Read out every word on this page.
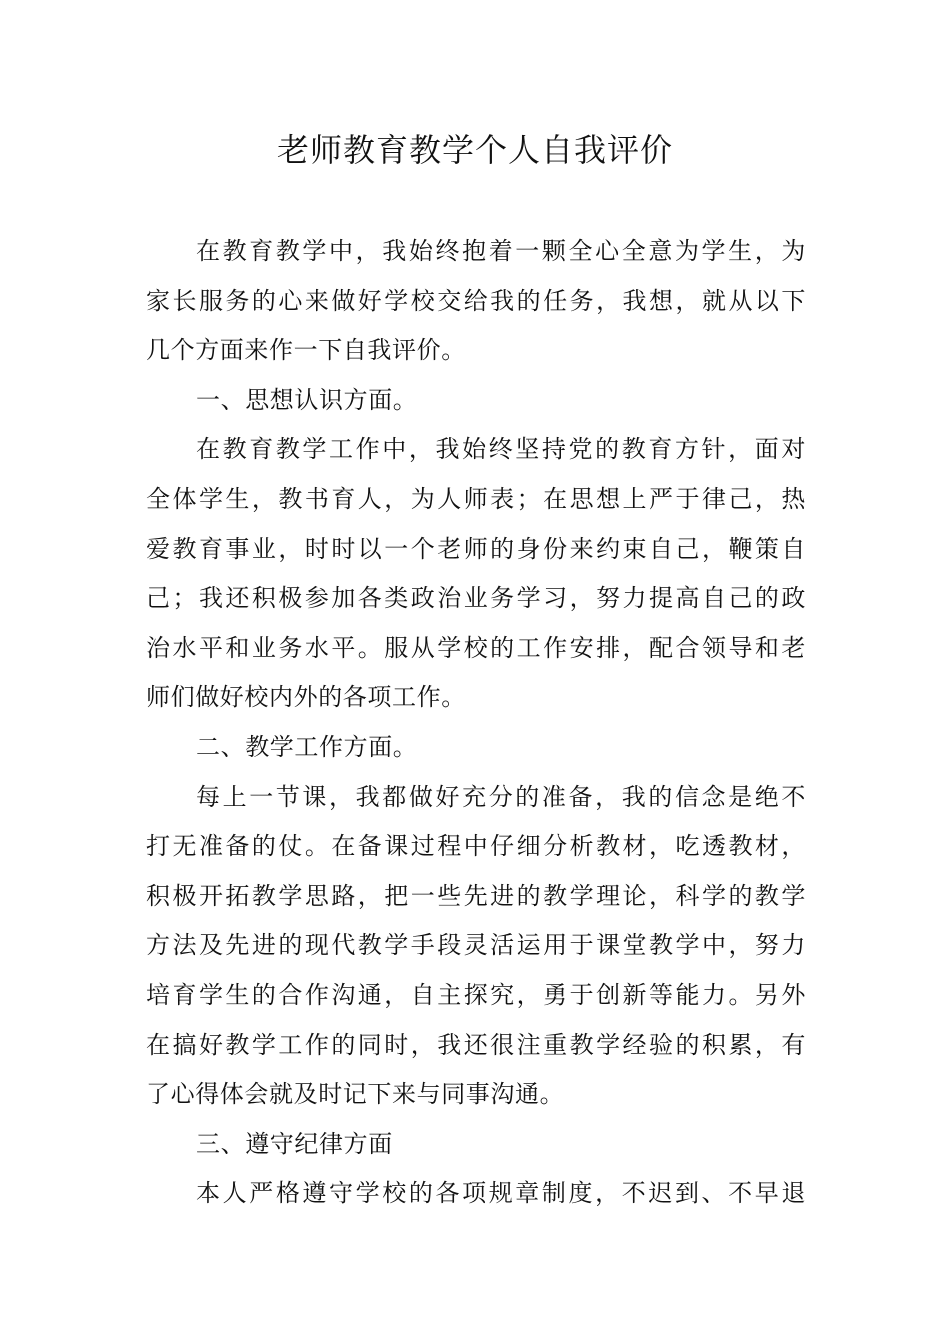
老师教育教学个人自我评价
在教育教学中，我始终抱着一颗全心全意为学生，为
家长服务的心来做好学校交给我的任务，我想，就从以下
几个方面来作一下自我评价。
一、思想认识方面。
在教育教学工作中，我始终坚持党的教育方针，面对
全体学生，教书育人，为人师表；在思想上严于律己，热
爱教育事业，时时以一个老师的身份来约束自己，鞭策自
己；我还积极参加各类政治业务学习，努力提高自己的政
治水平和业务水平。服从学校的工作安排，配合领导和老
师们做好校内外的各项工作。
二、教学工作方面。
每上一节课，我都做好充分的准备，我的信念是绝不
打无准备的仗。在备课过程中仔细分析教材，吃透教材，
积极开拓教学思路，把一些先进的教学理论，科学的教学
方法及先进的现代教学手段灵活运用于课堂教学中，努力
培育学生的合作沟通，自主探究，勇于创新等能力。另外
在搞好教学工作的同时，我还很注重教学经验的积累，有
了心得体会就及时记下来与同事沟通。
三、遵守纪律方面
本人严格遵守学校的各项规章制度，不迟到、不早退
